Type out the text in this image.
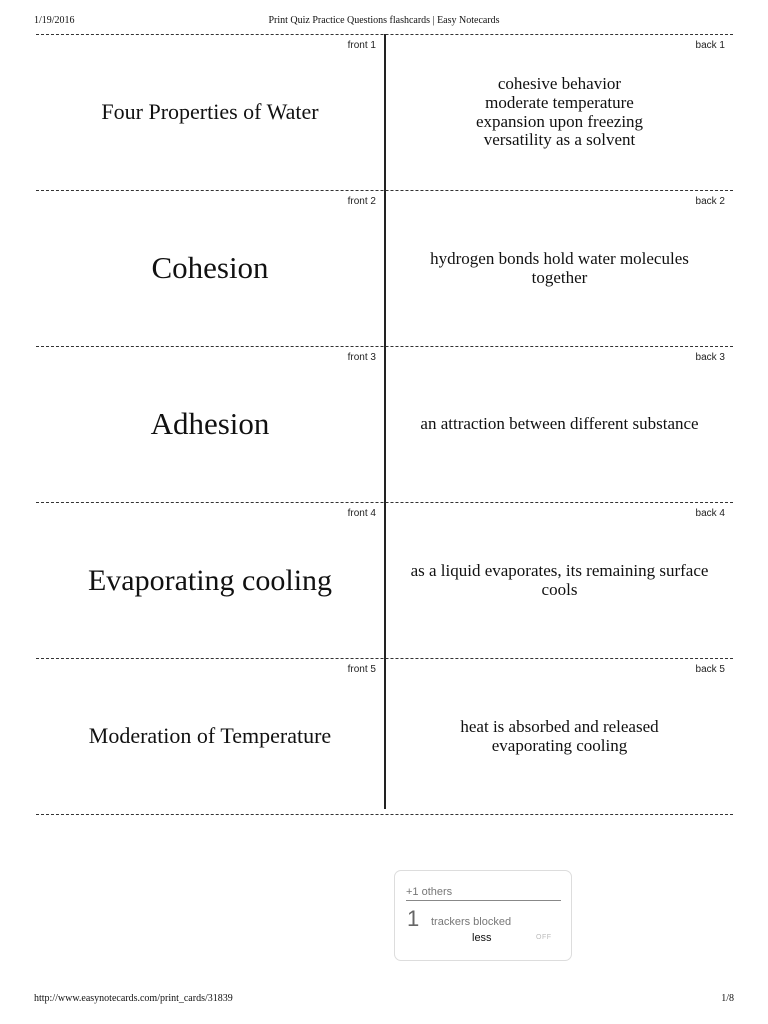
1/19/2016	Print Quiz Practice Questions flashcards | Easy Notecards
front 1
Four Properties of Water
back 1
cohesive behavior
moderate temperature
expansion upon freezing
versatility as a solvent
front 2
Cohesion
back 2
hydrogen bonds hold water molecules
together
front 3
Adhesion
back 3
an attraction between different substance
front 4
Evaporating cooling
back 4
as a liquid evaporates, its remaining surface
cools
front 5
Moderation of Temperature
back 5
heat is absorbed and released
evaporating cooling
+1 others
1 trackers blocked
less	OFF
http://www.easynotecards.com/print_cards/31839	1/8
